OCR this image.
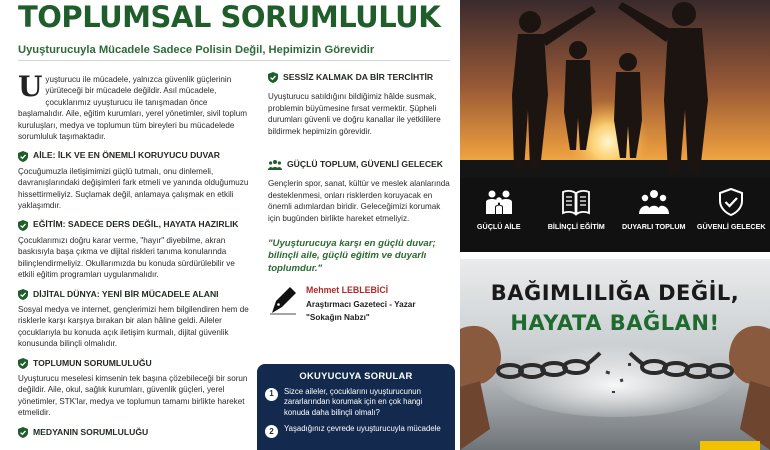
TOPLUMSAL SORUMLULUK
Uyuşturucuyla Mücadele Sadece Polisin Değil, Hepimizin Görevidir
Uyuşturucu ile mücadele, yalnızca güvenlik güçlerinin yürüteceği bir mücadele değildir. Asıl mücadele, çocuklarımız uyuşturucu ile tanışmadan önce başlamalıdır. Aile, eğitim kurumları, yerel yönetimler, sivil toplum kuruluşları, medya ve toplumun tüm bireyleri bu mücadelede sorumluluk taşımaktadır.
AİLE: İLK VE EN ÖNEMLİ KORUYUCU DUVAR
Çocuğumuzla iletişimimizi güçlü tutmalı, onu dinlemeli, davranışlarındaki değişimleri fark etmeli ve yanında olduğumuzu hissettirmeliyiz. Suçlamak değil, anlamaya çalışmak en etkili yaklaşımdır.
EĞİTİM: SADECE DERS DEĞİL, HAYATA HAZIRLIK
Çocuklarımızı doğru karar verme, "hayır" diyebilme, akran baskısıyla başa çıkma ve dijital riskleri tanıma konularında bilinçlendirmeliyiz. Okullarımızda bu konuda sürdürülebilir ve etkili eğitim programları uygulanmalıdır.
DİJİTAL DÜNYA: YENİ BİR MÜCADELE ALANI
Sosyal medya ve internet, gençlerimizi hem bilgilendiren hem de risklerle karşı karşıya bırakan bir alan hâline geldi. Aileler çocuklarıyla bu konuda açık iletişim kurmalı, dijital güvenlik konusunda bilinçli olmalıdır.
TOPLUMUN SORUMLULUĞU
Uyuşturucu meselesi kimsenin tek başına çözebileceği bir sorun değildir. Aile, okul, sağlık kurumları, güvenlik güçleri, yerel yönetimler, STK'lar, medya ve toplumun tamamı birlikte hareket etmelidir.
MEDYANIN SORUMLULUĞU
SESSİZ KALMAK DA BİR TERCİHTİR
Uyuşturucu satıldığını bildiğimiz hâlde susmak, problemin büyümesine fırsat vermektir. Şüpheli durumları güvenli ve doğru kanallar ile yetkililere bildirmek hepimizin görevidir.
GÜÇLÜ TOPLUM, GÜVENLİ GELECEK
Gençlerin spor, sanat, kültür ve meslek alanlarında desteklenmesi, onları risklerden koruyacak en önemli adımlardan biridir. Geleceğimizi korumak için bugünden birlikte hareket etmeliyiz.
"Uyuşturucuya karşı en güçlü duvar; bilinçli aile, güçlü eğitim ve duyarlı toplumdur."
Mehmet LEBLEBİCİ
Araştırmacı Gazeteci - Yazar
"Sokağın Nabzı"
OKUYUCUYA SORULAR
1	Sizce aileler, çocuklarını uyuşturucunun zararlarından korumak için en çok hangi konuda daha bilinçli olmalı?
2	Yaşadığınız çevrede uyuşturucuyla mücadele
GÜÇLÜ AİLE	BİLİNÇLİ EĞİTİM DUYARLI TOPLUM GÜVENLİ GELECEK
BAĞIMLILIĞA DEĞİL,
HAYATA BAĞLAN!
